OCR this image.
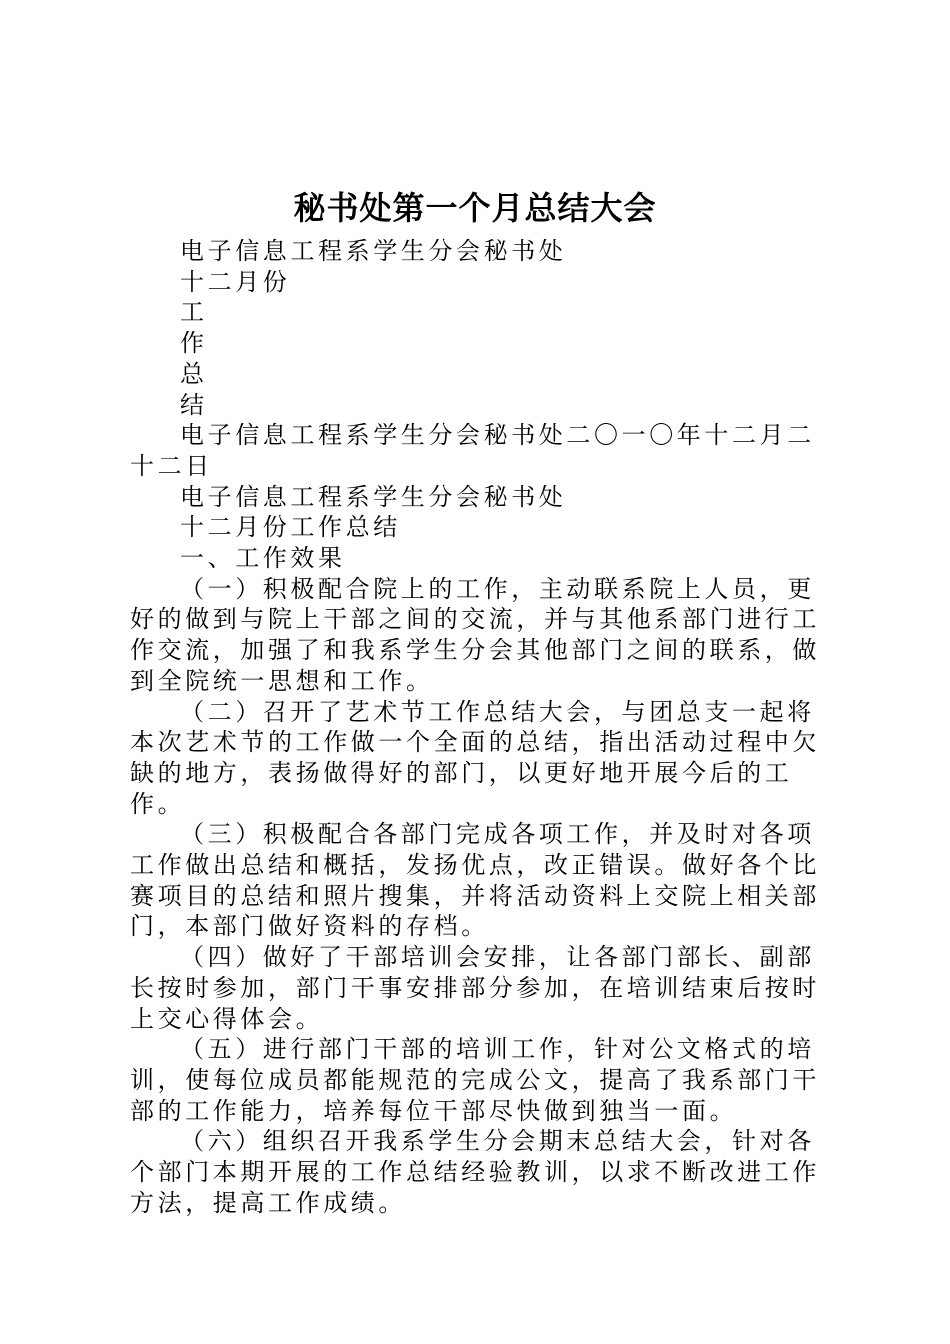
秘书处第一个月总结大会

电子信息工程系学生分会秘书处

十二月份

工

作

总

结

电子信息工程系学生分会秘书处二〇一〇年十二月二十二日

电子信息工程系学生分会秘书处

十二月份工作总结

一、工作效果

（一）积极配合院上的工作，主动联系院上人员，更好的做到与院上干部之间的交流，并与其他系部门进行工作交流，加强了和我系学生分会其他部门之间的联系，做到全院统一思想和工作。

（二）召开了艺术节工作总结大会，与团总支一起将本次艺术节的工作做一个全面的总结，指出活动过程中欠缺的地方，表扬做得好的部门，以更好地开展今后的工作。

（三）积极配合各部门完成各项工作，并及时对各项工作做出总结和概括，发扬优点，改正错误。做好各个比赛项目的总结和照片搜集，并将活动资料上交院上相关部门，本部门做好资料的存档。

（四）做好了干部培训会安排，让各部门部长、副部长按时参加，部门干事安排部分参加，在培训结束后按时上交心得体会。

（五）进行部门干部的培训工作，针对公文格式的培训，使每位成员都能规范的完成公文，提高了我系部门干部的工作能力，培养每位干部尽快做到独当一面。

（六）组织召开我系学生分会期末总结大会，针对各个部门本期开展的工作总结经验教训，以求不断改进工作方法，提高工作成绩。
